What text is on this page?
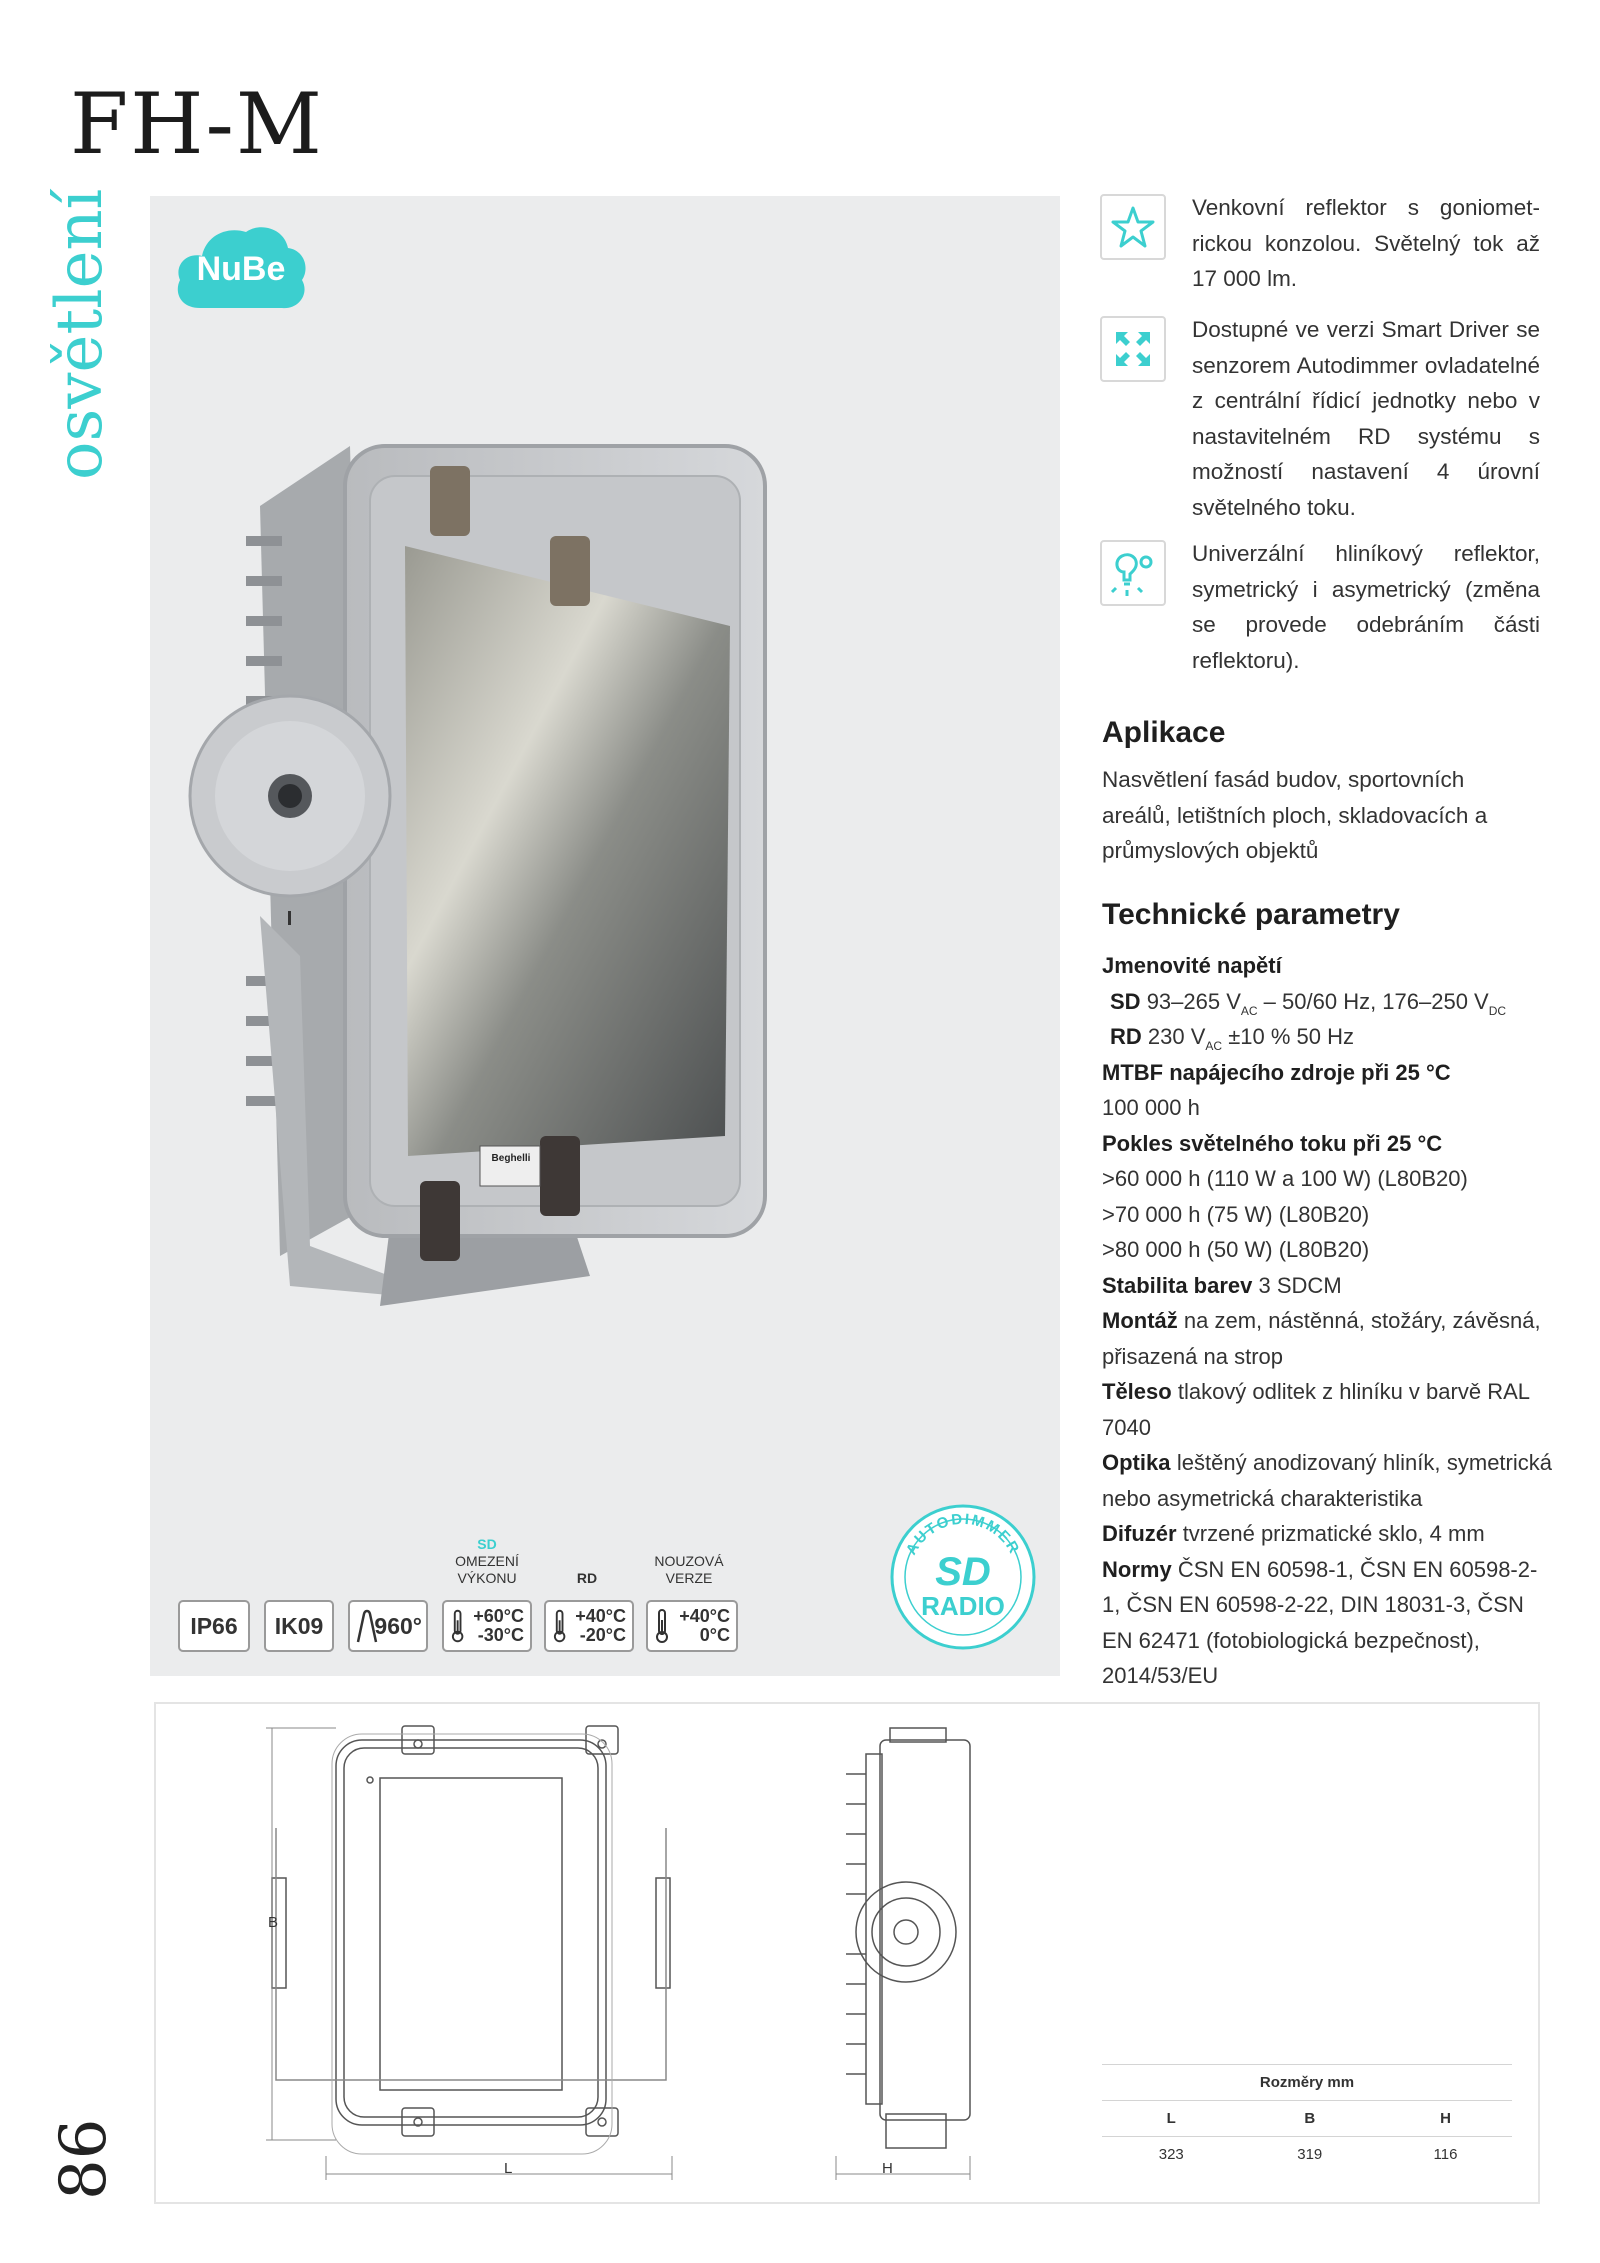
FH-M
osvětlení
86
Beghelli
NuBe
Venkovní reflektor s goniometrickou konzolou. Světelný tok až 17 000 lm.
Dostupné ve verzi Smart Driver se senzorem Autodimmer ovladatelné z centrální řídicí jednotky nebo v nastavitelném RD systému s možností nastavení 4 úrovní světelného toku.
Univerzální hliníkový reflektor, symetrický i asymetrický (změna se provede odebráním části reflektoru).
Aplikace
Nasvětlení fasád budov, sportovních areálů, letištních ploch, skladovacích a průmyslových objektů
Technické parametry
Jmenovité napětí
SD 93–265 $V_{AC} - 50/60$ Hz, 176–250 $V_{DC}$
RD 230 $V_{AC} \pm 10$ % 50 Hz
MTBF napájecího zdroje při 25 °C
100 000 h
Pokles světelného toku při 25 °C
>60 000 h (110 W a 100 W) (L80B20)
>70 000 h (75 W) (L80B20)
>80 000 h (50 W) (L80B20)
Stabilita barev 3 SDCM
Montáž na zem, nástěnná, stožáry, závěsná, přisazená na strop
Těleso tlakový odlitek z hliníku v barvě RAL 7040
Optika leštěný anodizovaný hliník, symetrická nebo asymetrická charakteristika
Difuzér tvrzené prizmatické sklo, 4 mm
Normy ČSN EN 60598-1, ČSN EN 60598-2-1, ČSN EN 60598-2-22, DIN 18031-3, ČSN EN 62471 (fotobiologická bezpečnost), 2014/53/EU
IP66	IK09	960°
SD
OMEZENÍ
VÝKONU
+60°C
-30°C
RD
+40°C
-20°C
NOUZOVÁ
VERZE
+40°C
0°C
AUTODIMMER
SD
RADIO
B
L	H
Rozměry mm		
L	B	H
323	319	116
